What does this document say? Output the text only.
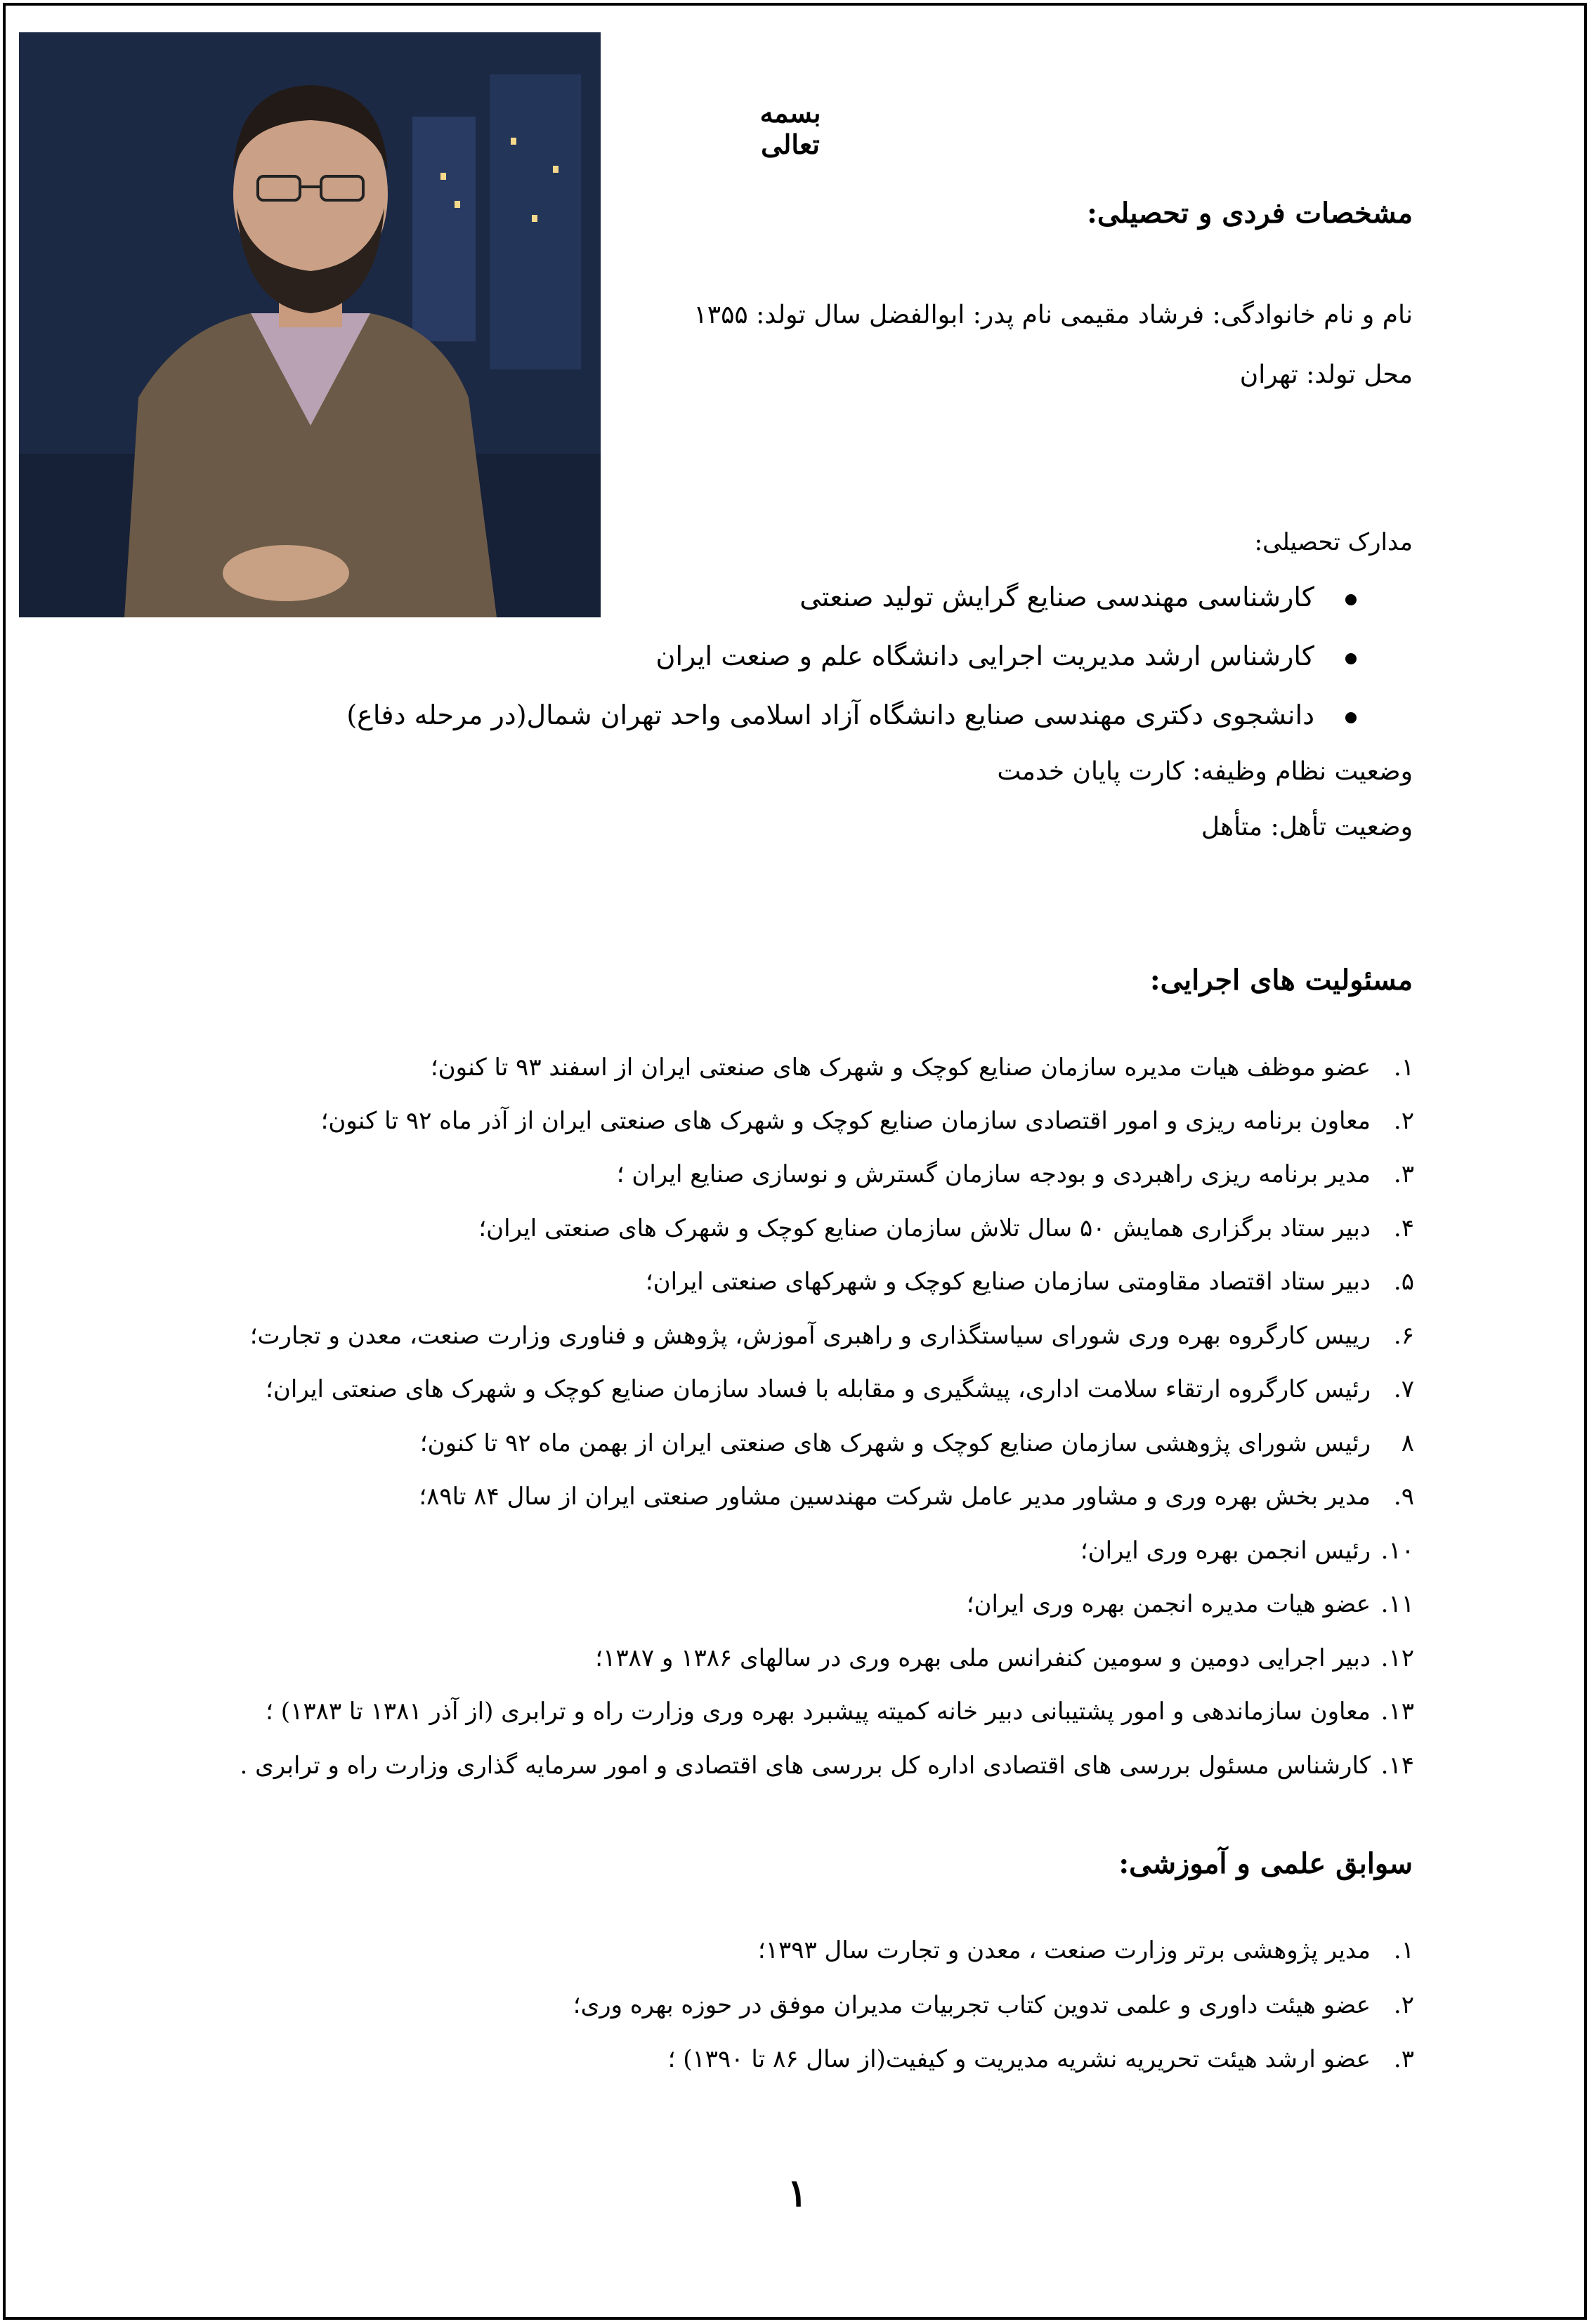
بسمه تعالی
مشخصات فردی و تحصیلی:
نام و نام خانوادگی: فرشاد مقیمی نام پدر: ابوالفضل سال تولد: ۱۳۵۵
محل تولد: تهران
مدارک تحصیلی:
کارشناسی مهندسی صنایع گرایش تولید صنعتی
کارشناس ارشد مدیریت اجرایی دانشگاه علم و صنعت ایران
دانشجوی دکتری مهندسی صنایع دانشگاه آزاد اسلامی واحد تهران شمال(در مرحله دفاع)
وضعیت نظام وظیفه: کارت پایان خدمت
وضعیت تأهل: متأهل
مسئولیت های اجرایی:
۱.
عضو موظف هیات مدیره سازمان صنایع کوچک و شهرک های صنعتی ایران از اسفند ۹۳ تا کنون؛
۲.
معاون برنامه ریزی و امور اقتصادی سازمان صنایع کوچک و شهرک های صنعتی ایران از آذر ماه ۹۲ تا کنون؛
۳.
مدیر برنامه ریزی راهبردی و بودجه سازمان گسترش و نوسازی صنایع ایران ؛
۴.
دبیر ستاد برگزاری همایش ۵۰ سال تلاش سازمان صنایع کوچک و شهرک های صنعتی ایران؛
۵.
دبیر ستاد اقتصاد مقاومتی سازمان صنایع کوچک و شهرکهای صنعتی ایران؛
۶.
رییس کارگروه بهره وری شورای سیاستگذاری و راهبری آموزش، پژوهش و فناوری وزارت صنعت، معدن و تجارت؛
۷.
رئیس کارگروه ارتقاء سلامت اداری، پیشگیری و مقابله با فساد سازمان صنایع کوچک و شهرک های صنعتی ایران؛
۸
رئیس شورای پژوهشی سازمان صنایع کوچک و شهرک های صنعتی ایران از بهمن ماه ۹۲ تا کنون؛
۹.
مدیر بخش بهره وری و مشاور مدیر عامل شرکت مهندسین مشاور صنعتی ایران از سال ۸۴ تا۸۹؛
۱۰.
رئیس انجمن بهره وری ایران؛
۱۱.
عضو هیات مدیره انجمن بهره وری ایران؛
۱۲.
دبیر اجرایی دومین و سومین کنفرانس ملی بهره وری در سالهای ۱۳۸۶ و ۱۳۸۷؛
۱۳.
معاون سازماندهی و امور پشتیبانی دبیر خانه کمیته پیشبرد بهره وری وزارت راه و ترابری (از آذر ۱۳۸۱ تا ۱۳۸۳) ؛
۱۴.
کارشناس مسئول بررسی های اقتصادی اداره کل بررسی های اقتصادی و امور سرمایه گذاری وزارت راه و ترابری .
سوابق علمی و آموزشی:
۱.
مدیر پژوهشی برتر وزارت صنعت ، معدن و تجارت سال ۱۳۹۳؛
۲.
عضو هیئت داوری و علمی تدوین کتاب تجربیات مدیران موفق در حوزه بهره وری؛
۳.
عضو ارشد هیئت تحریریه نشریه مدیریت و کیفیت(از سال ۸۶ تا ۱۳۹۰) ؛
۱
